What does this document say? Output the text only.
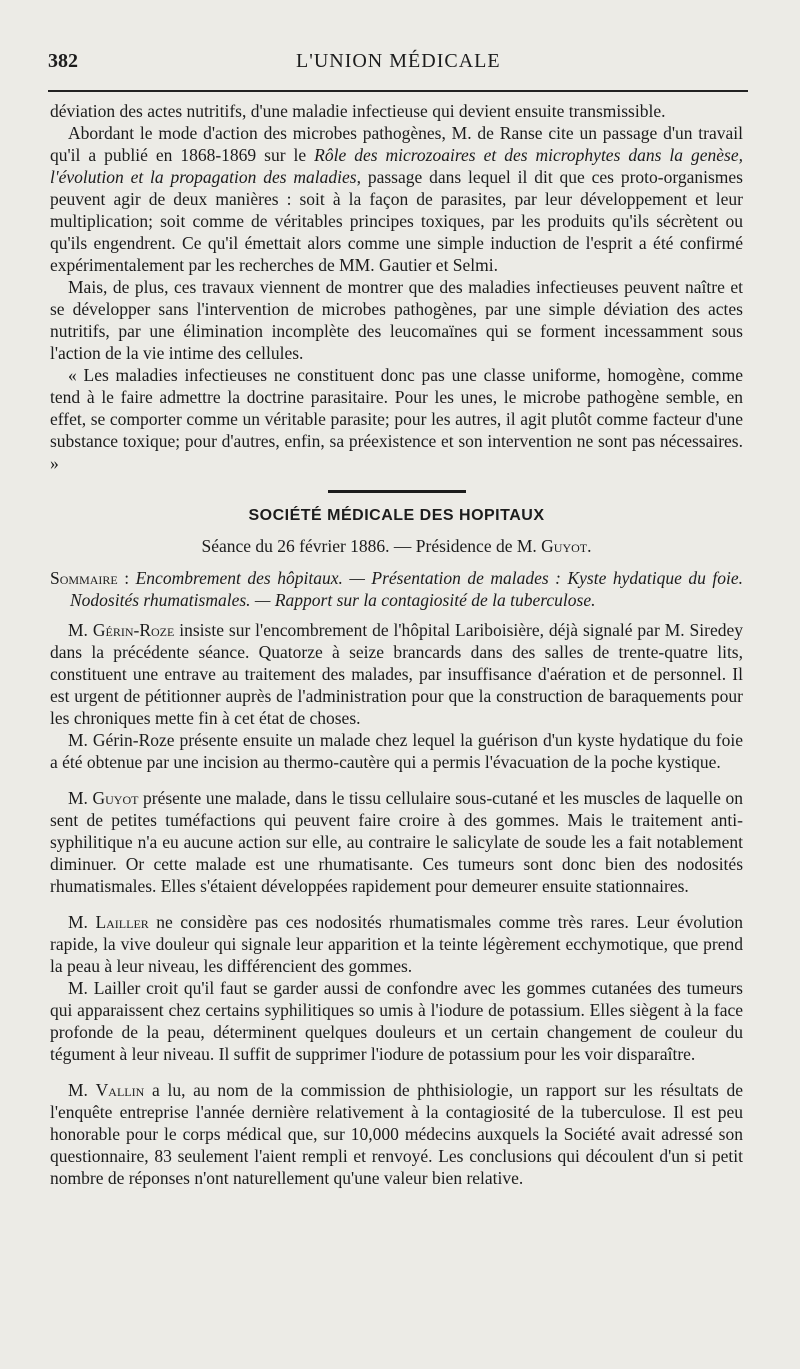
382	L'UNION MÉDICALE

déviation des actes nutritifs, d'une maladie infectieuse qui devient ensuite transmissible.

Abordant le mode d'action des microbes pathogènes, M. de Ranse cite un passage d'un travail qu'il a publié en 1868-1869 sur le Rôle des microzoaires et des microphytes dans la genèse, l'évolution et la propagation des maladies, passage dans lequel il dit que ces proto-organismes peuvent agir de deux manières : soit à la façon de parasites, par leur développement et leur multiplication; soit comme de véritables principes toxiques, par les produits qu'ils sécrètent ou qu'ils engendrent. Ce qu'il émettait alors comme une simple induction de l'esprit a été confirmé expérimentalement par les recherches de MM. Gautier et Selmi.

Mais, de plus, ces travaux viennent de montrer que des maladies infectieuses peuvent naître et se développer sans l'intervention de microbes pathogènes, par une simple déviation des actes nutritifs, par une élimination incomplète des leucomaïnes qui se forment incessamment sous l'action de la vie intime des cellules.

« Les maladies infectieuses ne constituent donc pas une classe uniforme, homogène, comme tend à le faire admettre la doctrine parasitaire. Pour les unes, le microbe pathogène semble, en effet, se comporter comme un véritable parasite; pour les autres, il agit plutôt comme facteur d'une substance toxique; pour d'autres, enfin, sa préexistence et son intervention ne sont pas nécessaires. »

SOCIÉTÉ MÉDICALE DES HOPITAUX

Séance du 26 février 1886. — Présidence de M. Guyot.

Sommaire : Encombrement des hôpitaux. — Présentation de malades : Kyste hydatique du foie. Nodosités rhumatismales. — Rapport sur la contagiosité de la tuberculose.

M. Gérin-Roze insiste sur l'encombrement de l'hôpital Lariboisière, déjà signalé par M. Siredey dans la précédente séance. Quatorze à seize brancards dans des salles de trente-quatre lits, constituent une entrave au traitement des malades, par insuffisance d'aération et de personnel. Il est urgent de pétitionner auprès de l'administration pour que la construction de baraquements pour les chroniques mette fin à cet état de choses.

M. Gérin-Roze présente ensuite un malade chez lequel la guérison d'un kyste hydatique du foie a été obtenue par une incision au thermo-cautère qui a permis l'évacuation de la poche kystique.

M. Guyot présente une malade, dans le tissu cellulaire sous-cutané et les muscles de laquelle on sent de petites tuméfactions qui peuvent faire croire à des gommes. Mais le traitement anti-syphilitique n'a eu aucune action sur elle, au contraire le salicylate de soude les a fait notablement diminuer. Or cette malade est une rhumatisante. Ces tumeurs sont donc bien des nodosités rhumatismales. Elles s'étaient développées rapidement pour demeurer ensuite stationnaires.

M. Lailler ne considère pas ces nodosités rhumatismales comme très rares. Leur évolution rapide, la vive douleur qui signale leur apparition et la teinte légèrement ecchymotique, que prend la peau à leur niveau, les différencient des gommes.

M. Lailler croit qu'il faut se garder aussi de confondre avec les gommes cutanées des tumeurs qui apparaissent chez certains syphilitiques so umis à l'iodure de potassium. Elles siègent à la face profonde de la peau, déterminent quelques douleurs et un certain changement de couleur du tégument à leur niveau. Il suffit de supprimer l'iodure de potassium pour les voir disparaître.

M. Vallin a lu, au nom de la commission de phthisiologie, un rapport sur les résultats de l'enquête entreprise l'année dernière relativement à la contagiosité de la tuberculose. Il est peu honorable pour le corps médical que, sur 10,000 médecins auxquels la Société avait adressé son questionnaire, 83 seulement l'aient rempli et renvoyé. Les conclusions qui découlent d'un si petit nombre de réponses n'ont naturellement qu'une valeur bien relative.
